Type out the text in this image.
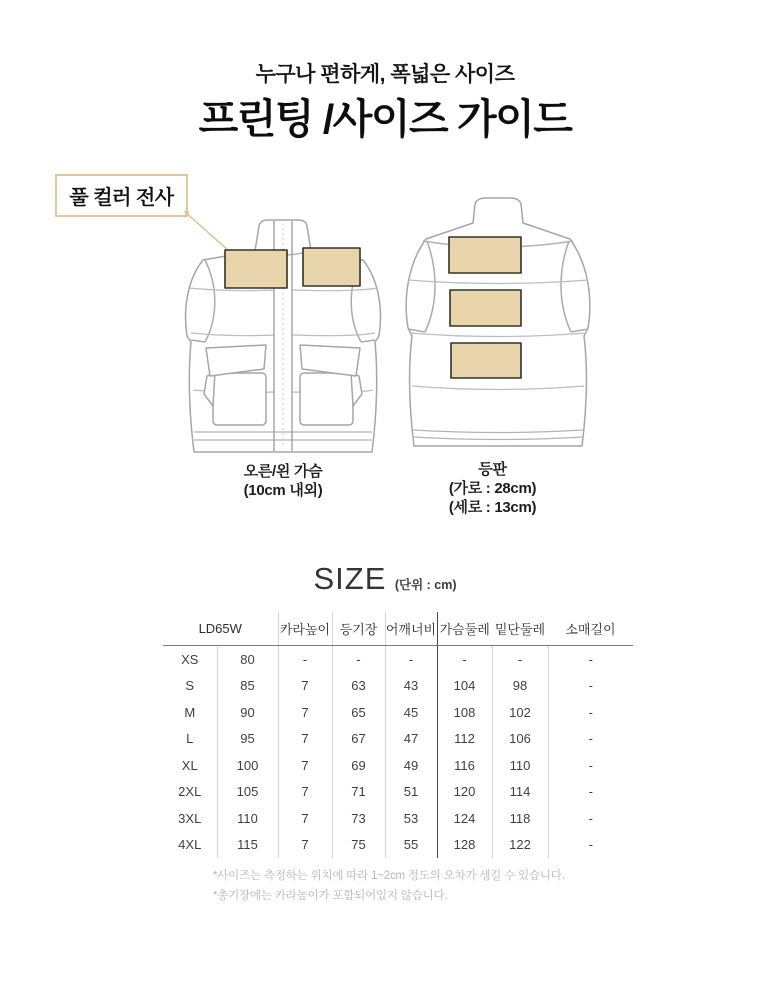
누구나 편하게, 폭넓은 사이즈
프린팅 /사이즈 가이드
풀 컬러 전사
오른/왼 가슴
(10cm 내외)
등판
(가로 : 28cm)
(세로 : 13cm)
SIZE (단위 : cm)
LD65W		카라높이	등기장	어깨너비	가슴둘레	밑단둘레	소매길이
XS	80	-	-	-	-	-	-
S	85	7	63	43	104	98	-
M	90	7	65	45	108	102	-
L	95	7	67	47	112	106	-
XL	100	7	69	49	116	110	-
2XL	105	7	71	51	120	114	-
3XL	110	7	73	53	124	118	-
4XL	115	7	75	55	128	122	-
*사이즈는 측정하는 위치에 따라 1~2cm 정도의 오차가 생길 수 있습니다.
*총기장에는 카라높이가 포함되어있지 않습니다.
